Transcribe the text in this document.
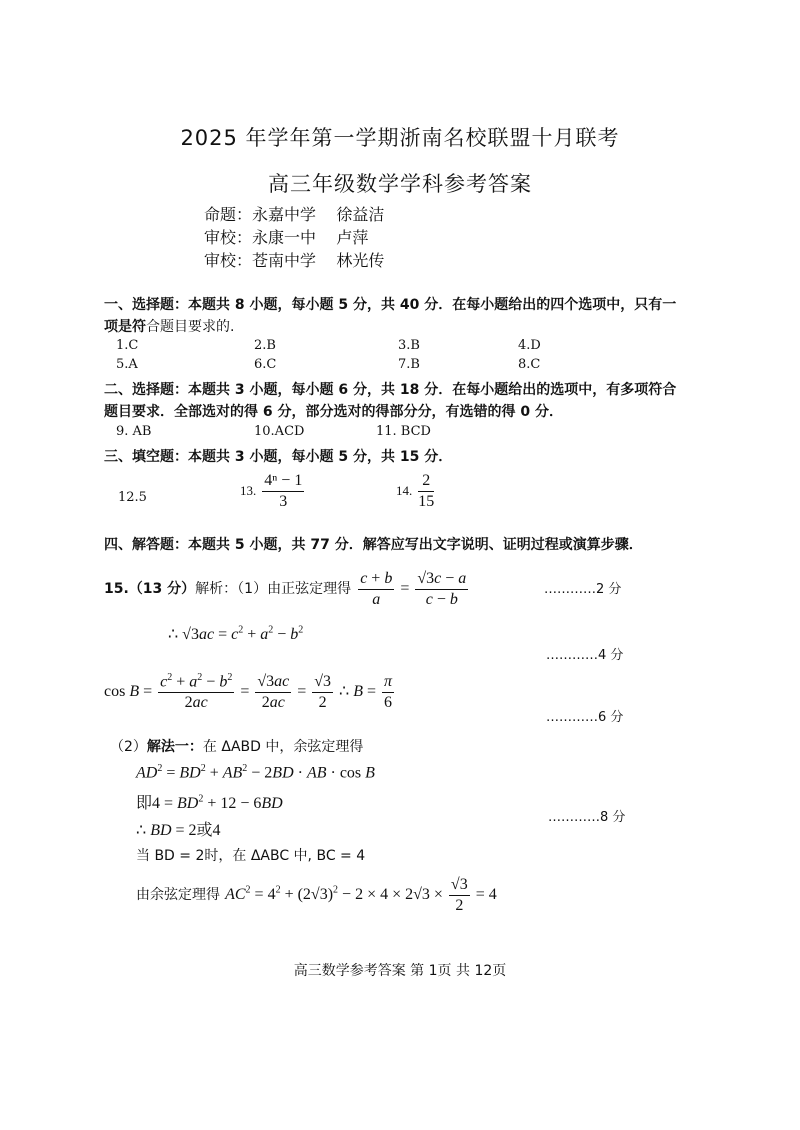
2025 年学年第一学期浙南名校联盟十月联考
高三年级数学学科参考答案
命题：永嘉中学 徐益洁
审校：永康一中 卢萍
审校：苍南中学 林光传
一、选择题：本题共 8 小题，每小题 5 分，共 40 分．在每小题给出的四个选项中，只有一
项是符合题目要求的.
1.C	2.B	3.B	4.D
5.A	6.C	7.B	8.C
二、选择题：本题共 3 小题，每小题 6 分，共 18 分．在每小题给出的选项中，有多项符合
题目要求．全部选对的得 6 分，部分选对的得部分分，有选错的得 0 分．
9. AB	10.ACD	11. BCD
三、填空题：本题共 3 小题，每小题 5 分，共 15 分．
12.5	13. $\frac{\text{4ⁿ − 1}}{3}$	14. $\frac{2}{15}$
四、解答题：本题共 5 小题，共 77 分．解答应写出文字说明、证明过程或演算步骤．
15.（13 分）解析：（1）由正弦定理得 $\frac{c + b}{a} = \frac{√3c - a}{c - b}$	…………2 分
∴ $√3ac = c^2 + a^2 - b^2$
…………4 分
$\cos B = \frac{c^2 + a^2 - b^2}{2ac} = \frac{√3ac}{2ac} = \frac{√3}{2}$ ∴ $B = \frac{\pi}{6}$
…………6 分
（2）解法一：在 ΔABD 中，余弦定理得
$AD^2 = BD^2 + AB^2 - 2BD$ · AB · cos B
即$4 = BD^2 + 12 - 6BD$
∴ BD = 2或4
…………8 分
当 BD = 2时，在 ΔABC 中, BC = 4
由余弦定理得 $AC^2 = 4^2 + (2√3)^2 - 2 \times 4 \times 2√3 \times \frac{√3}{2} = 4$
高三数学参考答案 第 1页 共 12页
